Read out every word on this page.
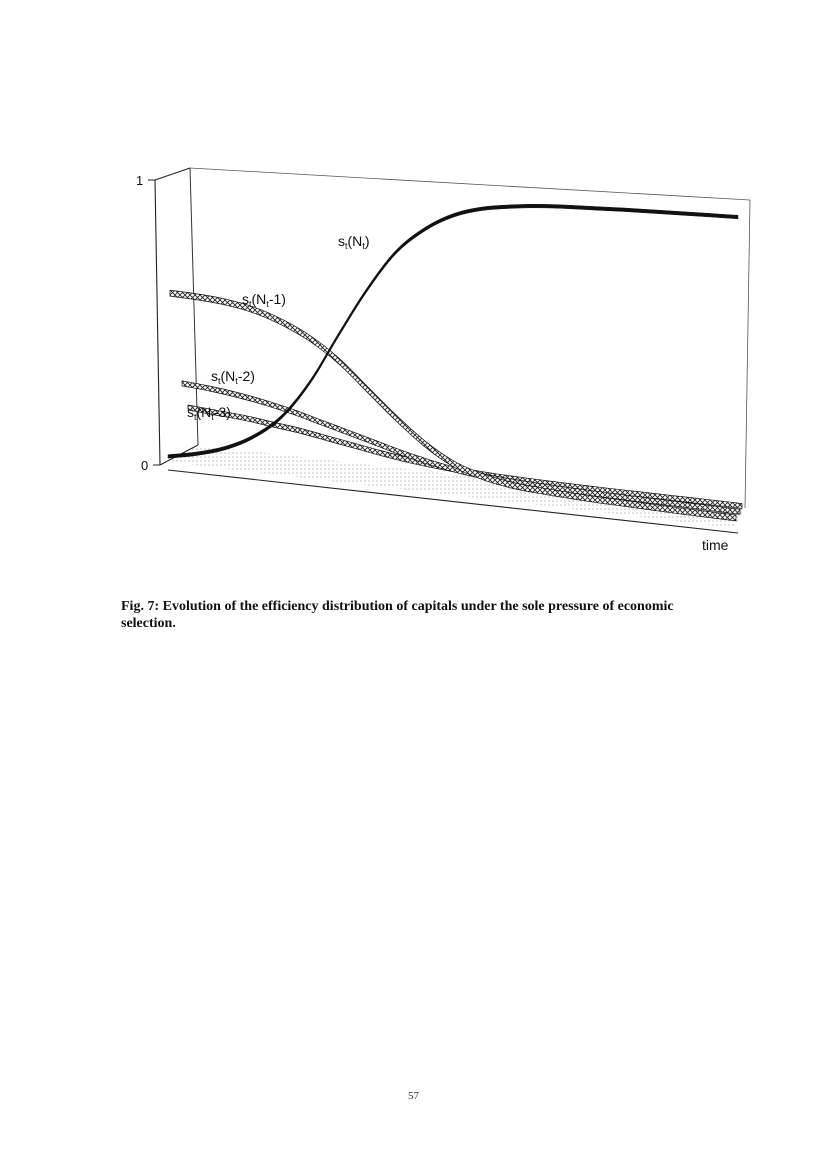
1
0
time
$s_t(N_t)$
$s_t(N_t-1)$
$s_t(N_t-2)$
$s_t(N_t-3)$
Fig. 7: Evolution of the efficiency distribution of capitals under the sole pressure of economic selection.
57
